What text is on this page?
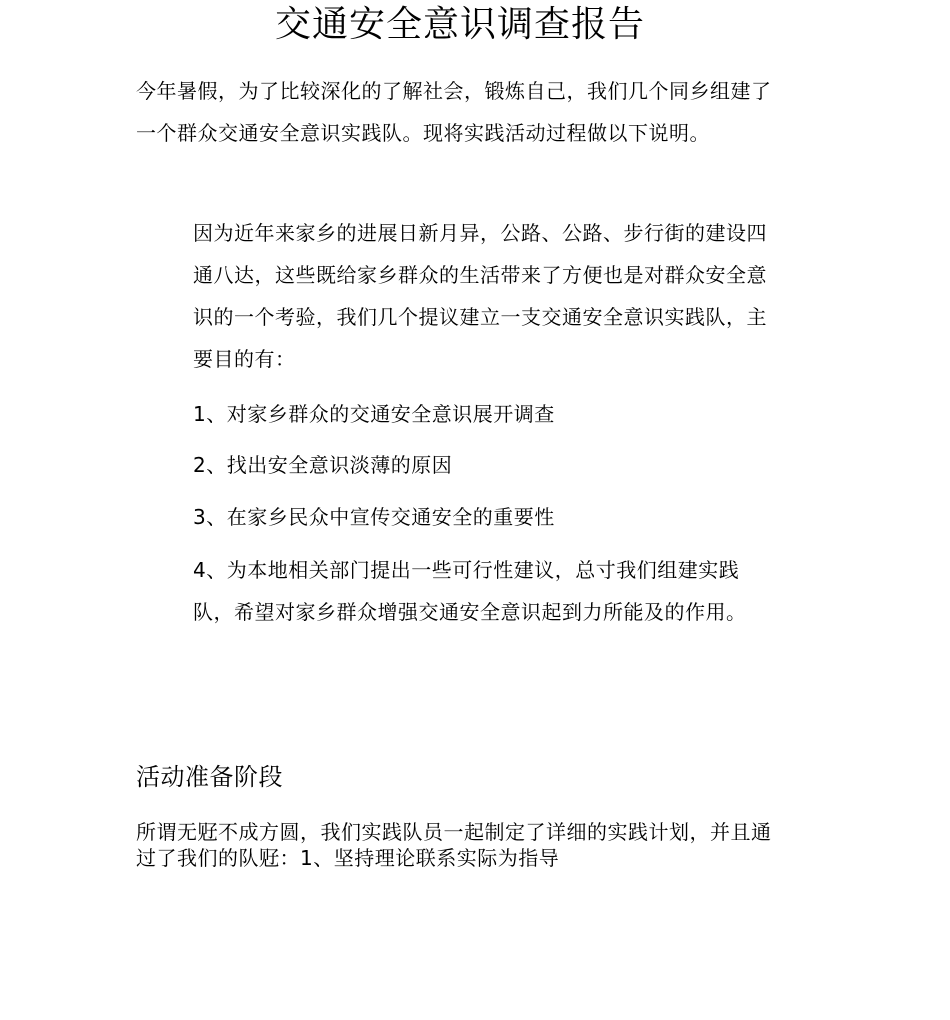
交通安全意识调查报告

今年暑假，为了比较深化的了解社会，锻炼自己，我们几个同乡组建了一个群众交通安全意识实践队。现将实践活动过程做以下说明。

因为近年来家乡的进展日新月异，公路、公路、步行街的建设四通八达，这些既给家乡群众的生活带来了方便也是对群众安全意识的一个考验，我们几个提议建立一支交通安全意识实践队，主要目的有：

1、对家乡群众的交通安全意识展开调查

2、找出安全意识淡薄的原因

3、在家乡民众中宣传交通安全的重要性

4、为本地相关部门提出一些可行性建议，总寸我们组建实践队，希望对家乡群众增强交通安全意识起到力所能及的作用。

活动准备阶段

所谓无觃不成方圆，我们实践队员一起制定了详细的实践计划，并且通过了我们的队觃：1、坚持理论联系实际为指导
